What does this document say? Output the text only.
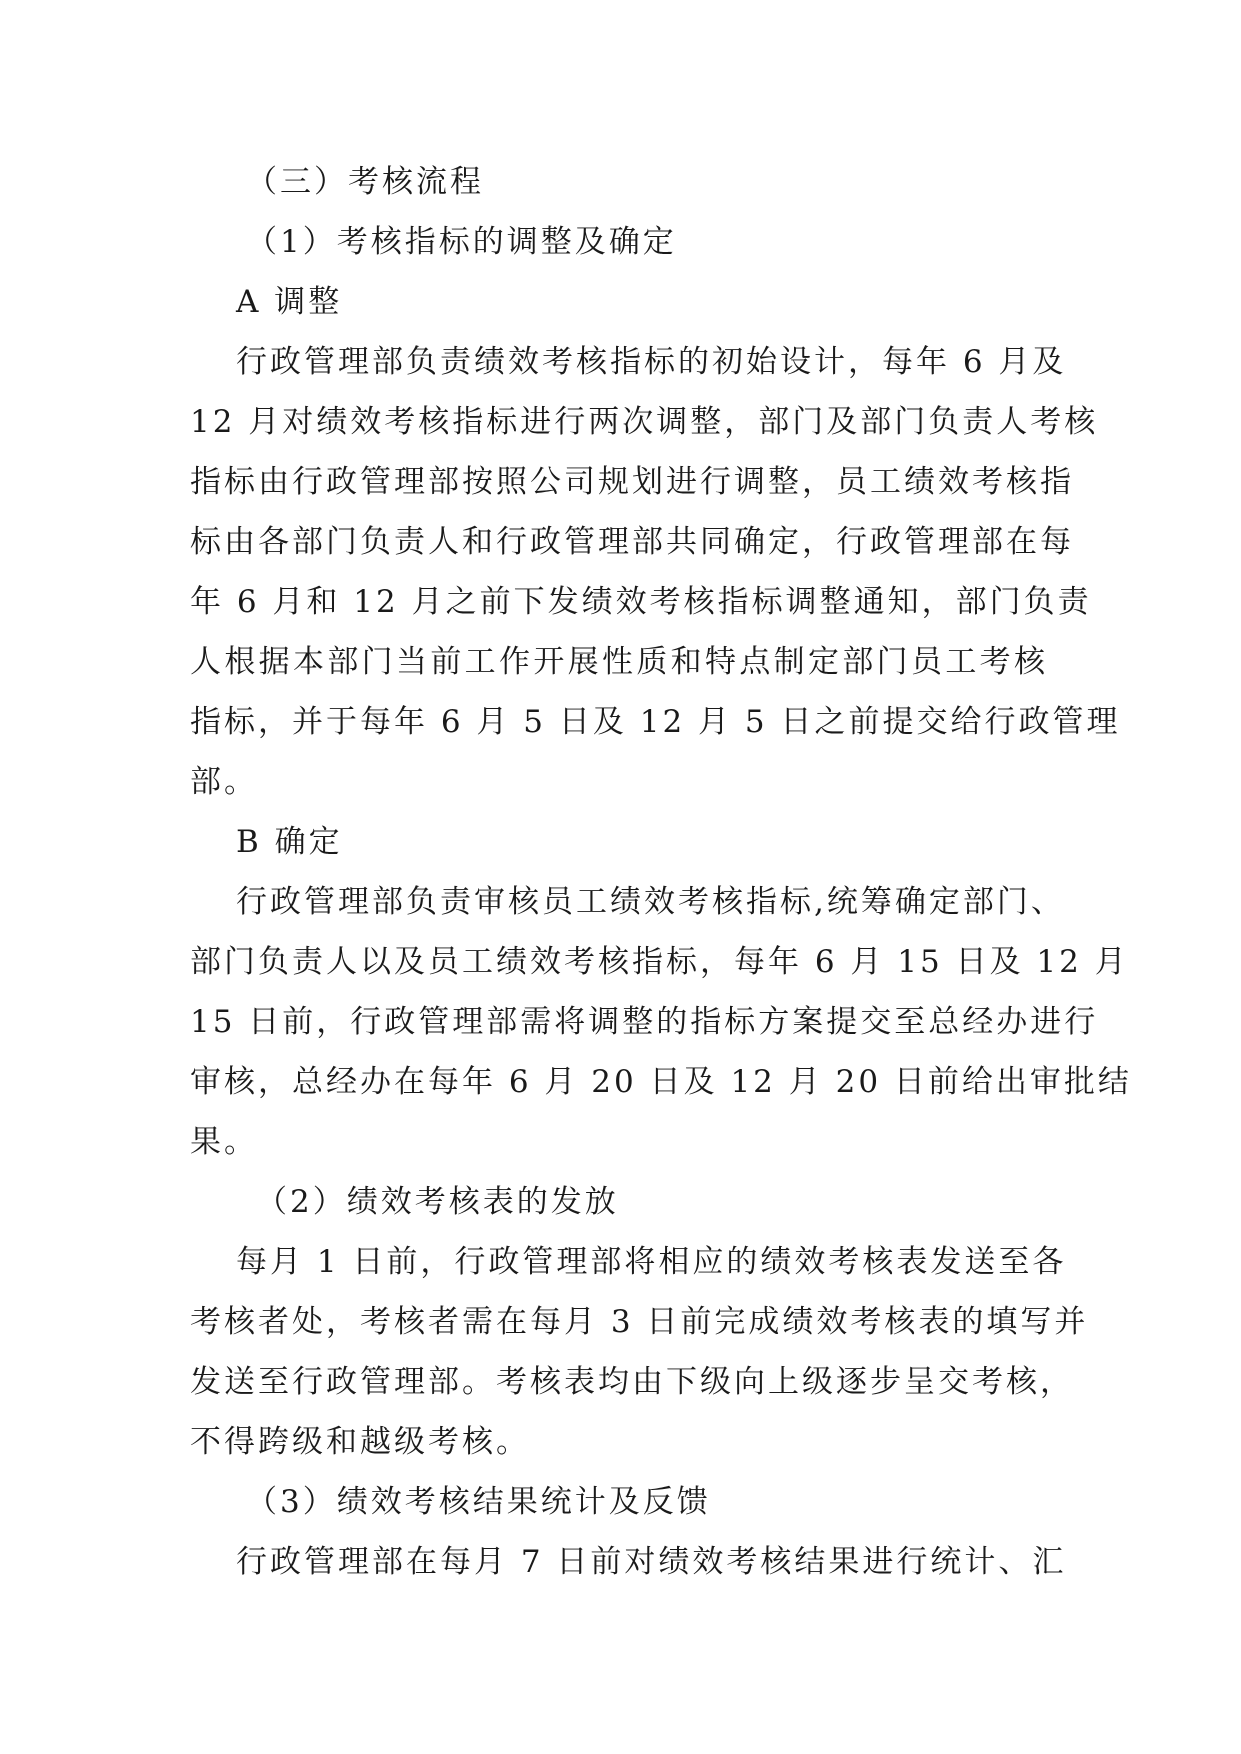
（三）考核流程
（1）考核指标的调整及确定
A 调整
行政管理部负责绩效考核指标的初始设计，每年 6 月及
12 月对绩效考核指标进行两次调整，部门及部门负责人考核
指标由行政管理部按照公司规划进行调整，员工绩效考核指
标由各部门负责人和行政管理部共同确定，行政管理部在每
年 6 月和 12 月之前下发绩效考核指标调整通知，部门负责
人根据本部门当前工作开展性质和特点制定部门员工考核
指标，并于每年 6 月 5 日及 12 月 5 日之前提交给行政管理
部。
B 确定
行政管理部负责审核员工绩效考核指标,统筹确定部门、
部门负责人以及员工绩效考核指标，每年 6 月 15 日及 12 月
15 日前，行政管理部需将调整的指标方案提交至总经办进行
审核，总经办在每年 6 月 20 日及 12 月 20 日前给出审批结
果。
（2）绩效考核表的发放
每月 1 日前，行政管理部将相应的绩效考核表发送至各
考核者处，考核者需在每月 3 日前完成绩效考核表的填写并
发送至行政管理部。考核表均由下级向上级逐步呈交考核，
不得跨级和越级考核。
（3）绩效考核结果统计及反馈
行政管理部在每月 7 日前对绩效考核结果进行统计、汇
